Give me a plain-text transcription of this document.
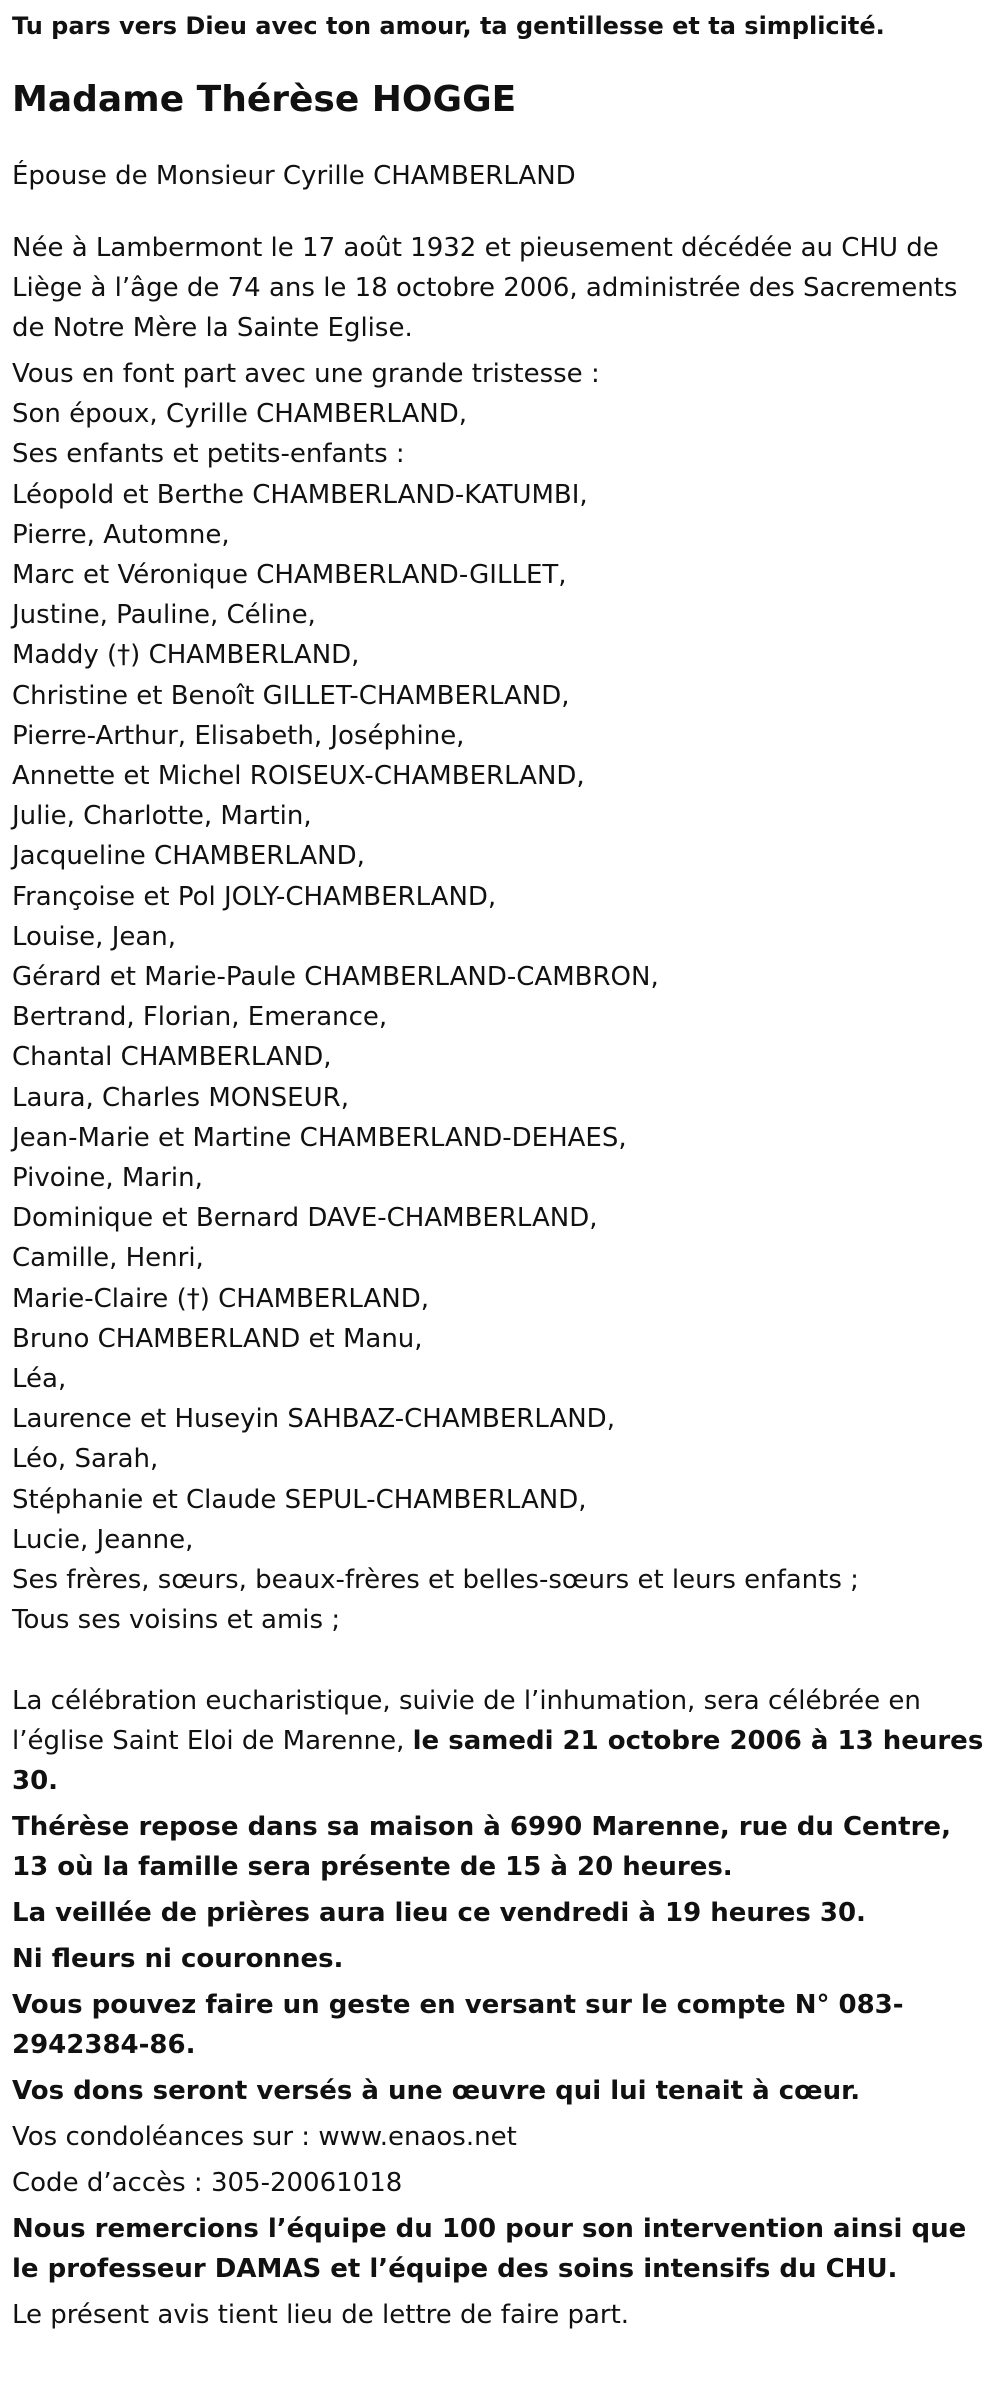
Tu pars vers Dieu avec ton amour, ta gentillesse et ta simplicité.

Madame Thérèse HOGGE

Épouse de Monsieur Cyrille CHAMBERLAND

Née à Lambermont le 17 août 1932 et pieusement décédée au CHU de Liège à l’âge de 74 ans le 18 octobre 2006, administrée des Sacrements de Notre Mère la Sainte Eglise.

Vous en font part avec une grande tristesse :
Son époux, Cyrille CHAMBERLAND,
Ses enfants et petits-enfants :
Léopold et Berthe CHAMBERLAND-KATUMBI,
Pierre, Automne,
Marc et Véronique CHAMBERLAND-GILLET,
Justine, Pauline, Céline,
Maddy (†) CHAMBERLAND,
Christine et Benoît GILLET-CHAMBERLAND,
Pierre-Arthur, Elisabeth, Joséphine,
Annette et Michel ROISEUX-CHAMBERLAND,
Julie, Charlotte, Martin,
Jacqueline CHAMBERLAND,
Françoise et Pol JOLY-CHAMBERLAND,
Louise, Jean,
Gérard et Marie-Paule CHAMBERLAND-CAMBRON,
Bertrand, Florian, Emerance,
Chantal CHAMBERLAND,
Laura, Charles MONSEUR,
Jean-Marie et Martine CHAMBERLAND-DEHAES,
Pivoine, Marin,
Dominique et Bernard DAVE-CHAMBERLAND,
Camille, Henri,
Marie-Claire (†) CHAMBERLAND,
Bruno CHAMBERLAND et Manu,
Léa,
Laurence et Huseyin SAHBAZ-CHAMBERLAND,
Léo, Sarah,
Stéphanie et Claude SEPUL-CHAMBERLAND,
Lucie, Jeanne,
Ses frères, sœurs, beaux-frères et belles-sœurs et leurs enfants ;
Tous ses voisins et amis ;

La célébration eucharistique, suivie de l’inhumation, sera célébrée en l’église Saint Eloi de Marenne, le samedi 21 octobre 2006 à 13 heures 30.

Thérèse repose dans sa maison à 6990 Marenne, rue du Centre, 13 où la famille sera présente de 15 à 20 heures.

La veillée de prières aura lieu ce vendredi à 19 heures 30.

Ni fleurs ni couronnes.

Vous pouvez faire un geste en versant sur le compte N° 083-2942384-86.

Vos dons seront versés à une œuvre qui lui tenait à cœur.

Vos condoléances sur : www.enaos.net

Code d’accès : 305-20061018

Nous remercions l’équipe du 100 pour son intervention ainsi que le professeur DAMAS et l’équipe des soins intensifs du CHU.

Le présent avis tient lieu de lettre de faire part.
